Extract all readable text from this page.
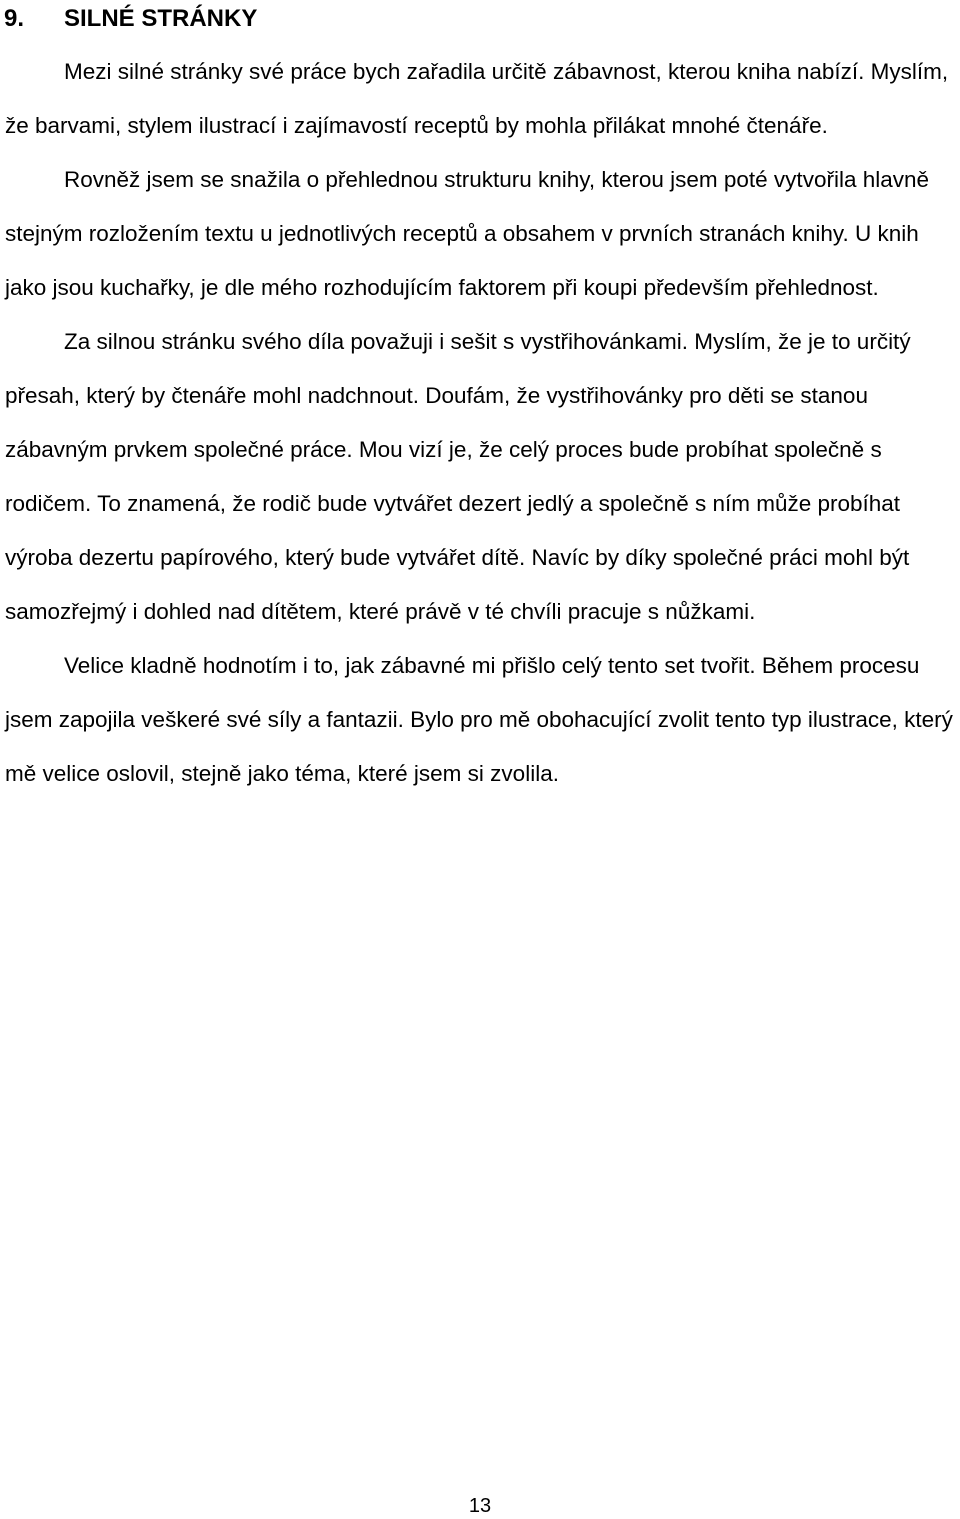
9. SILNÉ STRÁNKY

Mezi silné stránky své práce bych zařadila určitě zábavnost, kterou kniha nabízí. Myslím, že barvami, stylem ilustrací i zajímavostí receptů by mohla přilákat mnohé čtenáře.

Rovněž jsem se snažila o přehlednou strukturu knihy, kterou jsem poté vytvořila hlavně stejným rozložením textu u jednotlivých receptů a obsahem v prvních stranách knihy. U knih jako jsou kuchařky, je dle mého rozhodujícím faktorem při koupi především přehlednost.

Za silnou stránku svého díla považuji i sešit s vystřihovánkami. Myslím, že je to určitý přesah, který by čtenáře mohl nadchnout. Doufám, že vystřihovánky pro děti se stanou zábavným prvkem společné práce. Mou vizí je, že celý proces bude probíhat společně s rodičem. To znamená, že rodič bude vytvářet dezert jedlý a společně s ním může probíhat výroba dezertu papírového, který bude vytvářet dítě. Navíc by díky společné práci mohl být samozřejmý i dohled nad dítětem, které právě v té chvíli pracuje s nůžkami.

Velice kladně hodnotím i to, jak zábavné mi přišlo celý tento set tvořit. Během procesu jsem zapojila veškeré své síly a fantazii. Bylo pro mě obohacující zvolit tento typ ilustrace, který mě velice oslovil, stejně jako téma, které jsem si zvolila.

13
